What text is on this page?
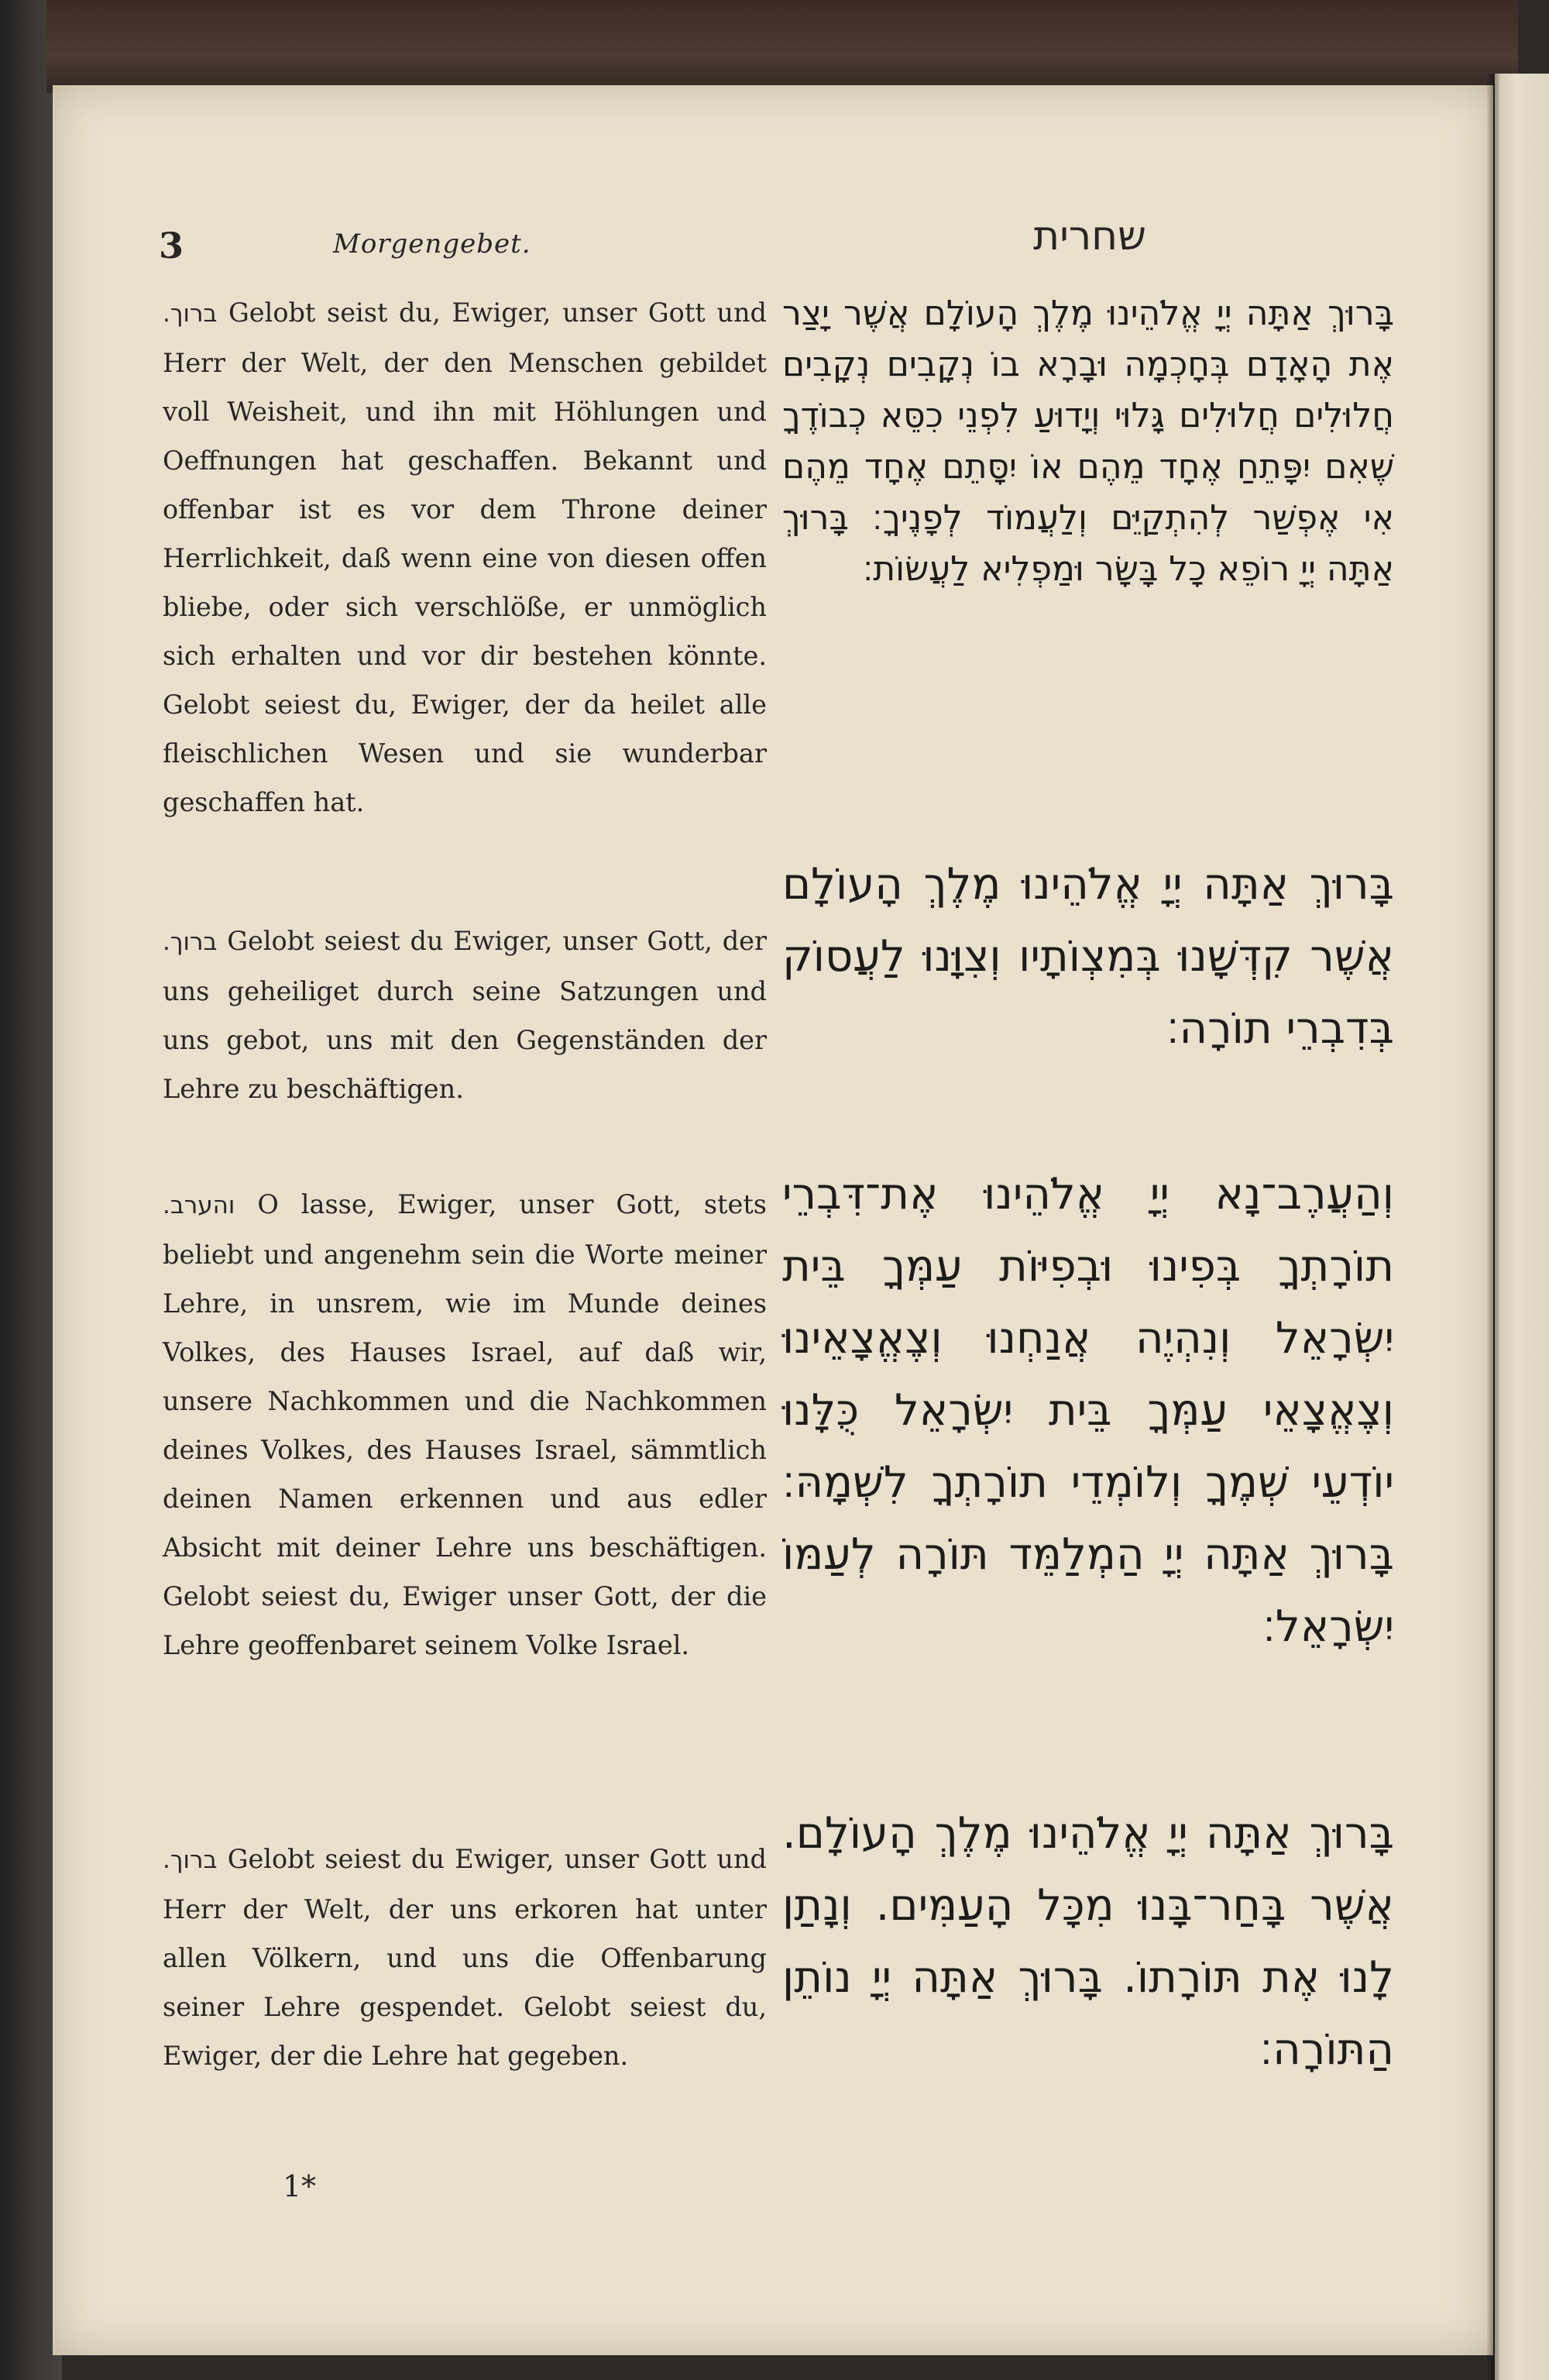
3	Morgengebet.	שחרית
ברוך. Gelobt seist du, Ewiger, unser Gott und Herr der Welt, der den Menschen gebildet voll Weisheit, und ihn mit Höhlungen und Oeffnungen hat geschaffen. Bekannt und offenbar ist es vor dem Throne deiner Herrlichkeit, daß wenn eine von diesen offen bliebe, oder sich verschlöße, er unmöglich sich erhalten und vor dir bestehen könnte. Gelobt seiest du, Ewiger, der da heilet alle fleischlichen Wesen und sie wunderbar geschaffen hat.
ברוך. Gelobt seiest du Ewiger, unser Gott, der uns geheiliget durch seine Satzungen und uns gebot, uns mit den Gegenständen der Lehre zu beschäftigen.
והערב. O lasse, Ewiger, unser Gott, stets beliebt und angenehm sein die Worte meiner Lehre, in unsrem, wie im Munde deines Volkes, des Hauses Israel, auf daß wir, unsere Nachkommen und die Nachkommen deines Volkes, des Hauses Israel, sämmtlich deinen Namen erkennen und aus edler Absicht mit deiner Lehre uns beschäftigen. Gelobt seiest du, Ewiger unser Gott, der die Lehre geoffenbaret seinem Volke Israel.
ברוך. Gelobt seiest du Ewiger, unser Gott und Herr der Welt, der uns erkoren hat unter allen Völkern, und uns die Offenbarung seiner Lehre gespendet. Gelobt seiest du, Ewiger, der die Lehre hat gegeben.
בָּרוּךְ אַתָּה יְיָ אֱלֹהֵינוּ מֶלֶךְ הָעוֹלָם אֲשֶׁר יָצַר אֶת הָאָדָם בְּחָכְמָה וּבָרָא בוֹ נְקָבִים נְקָבִים חֲלוּלִים חֲלוּלִים גָּלוּי וְיָדוּעַ לִפְנֵי כִסֵּא כְבוֹדֶךָ שֶׁאִם יִפָּתֵחַ אֶחָד מֵהֶם אוֹ יִסָּתֵם אֶחָד מֵהֶם אִי אֶפְשַׁר לְהִתְקַיֵּם וְלַעֲמוֹד לְפָנֶיךָ׃ בָּרוּךְ אַתָּה יְיָ רוֹפֵא כָל בָּשָׂר וּמַפְלִיא לַעֲשׂוֹת׃
בָּרוּךְ אַתָּה יְיָ אֱלֹהֵינוּ מֶלֶךְ הָעוֹלָם אֲשֶׁר קִדְּשָׁנוּ בְּמִצְוֹתָיו וְצִוָּנוּ לַעֲסוֹק בְּדִבְרֵי תוֹרָה׃
וְהַעֲרֶב־נָא יְיָ אֱלֹהֵינוּ אֶת־דִּבְרֵי תוֹרָתְךָ בְּפִינוּ וּבְפִיּוֹת עַמְּךָ בֵּית יִשְׂרָאֵל וְנִהְיֶה אֲנַחְנוּ וְצֶאֱצָאֵינוּ וְצֶאֱצָאֵי עַמְּךָ בֵּית יִשְׂרָאֵל כֻּלָּנוּ יוֹדְעֵי שְׁמֶךָ וְלוֹמְדֵי תוֹרָתְךָ לִשְׁמָהּ׃ בָּרוּךְ אַתָּה יְיָ הַמְלַמֵּד תּוֹרָה לְעַמּוֹ יִשְׂרָאֵל׃
בָּרוּךְ אַתָּה יְיָ אֱלֹהֵינוּ מֶלֶךְ הָעוֹלָם. אֲשֶׁר בָּחַר־בָּנוּ מִכָּל הָעַמִּים. וְנָתַן לָנוּ אֶת תּוֹרָתוֹ. בָּרוּךְ אַתָּה יְיָ נוֹתֵן הַתּוֹרָה׃
1*
